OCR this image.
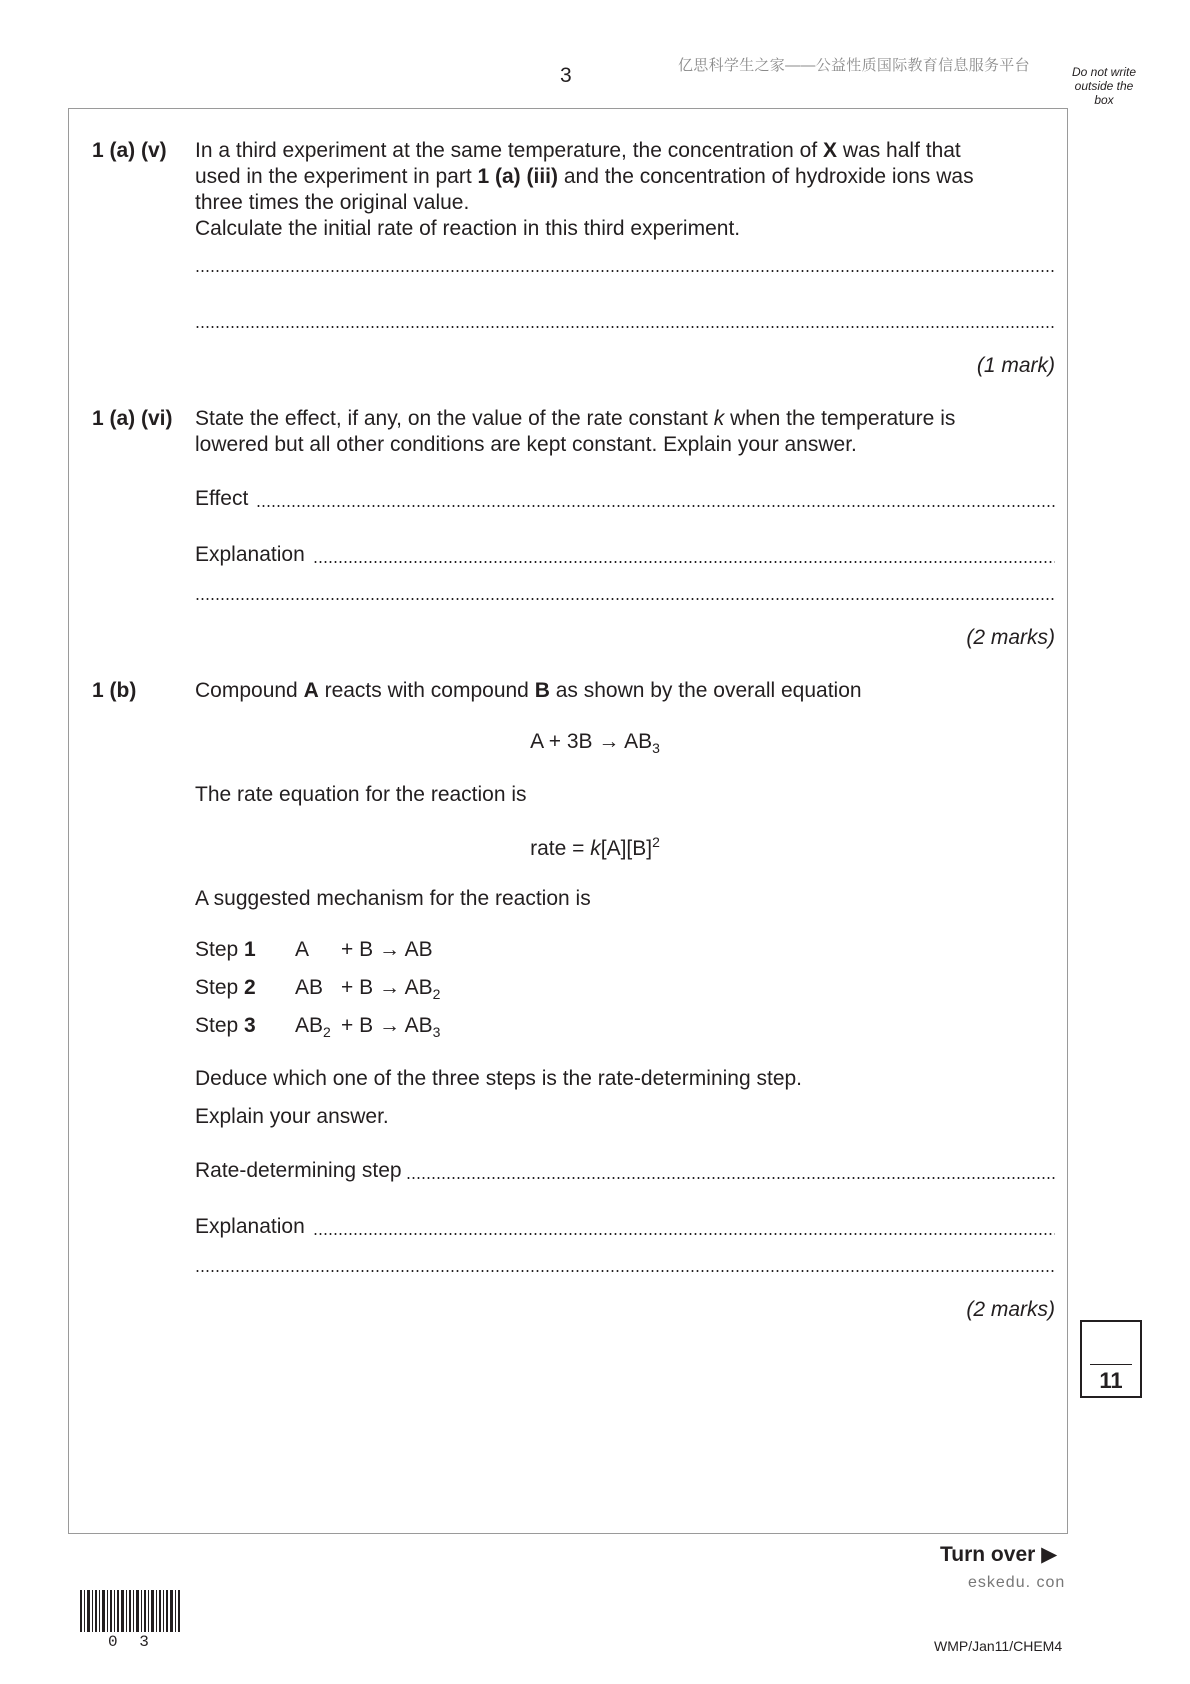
3	亿思科学生之家——公益性质国际教育信息服务平台	Do not write outside the box
1 (a) (v) In a third experiment at the same temperature, the concentration of X was half that
used in the experiment in part 1 (a) (iii) and the concentration of hydroxide ions was
three times the original value.
Calculate the initial rate of reaction in this third experiment.
(1 mark)
1 (a) (vi) State the effect, if any, on the value of the rate constant k when the temperature is
lowered but all other conditions are kept constant. Explain your answer.
Effect
Explanation
(2 marks)
1 (b)	Compound A reacts with compound B as shown by the overall equation
$A + 3B \to AB_3$
The rate equation for the reaction is
rate = $k[A][B]^2$
A suggested mechanism for the reaction is
Step 1 A + B → AB
Step 2 AB + $B \to AB_2$
Step 3 $AB_2 + B \to AB_3$
Deduce which one of the three steps is the rate-determining step.
Explain your answer.
Rate-determining step
Explanation
(2 marks)
11
Turn over ▶
eskedu. con
0 3	WMP/Jan11/CHEM4
